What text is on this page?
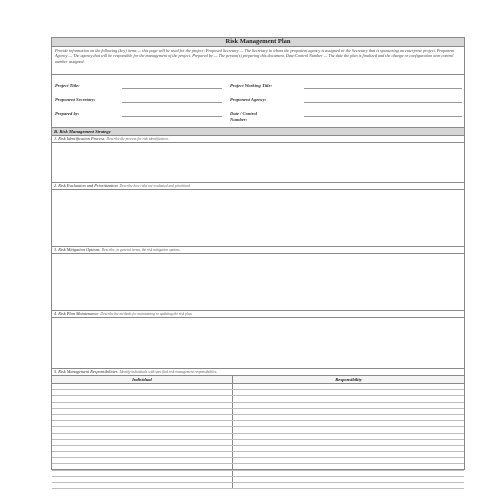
Risk Management Plan
Provide information on the following (key) items — this page will be used for the project; Proposed Secretary — The Secretary to whom the proponent agency is assigned or the Secretary that is sponsoring an enterprise project. Proponent Agency — The agency that will be responsible for the management of the project. Prepared by — The person(s) preparing this document. Date/Control Number — The date the plan is finalized and the change or configuration item control number assigned.
Project Title:	Project Working Title:
Proponent Secretary:	Proponent Agency:
Prepared by:	Date / Control Number:
B. Risk Management Strategy
1. Risk Identification Process Describe the process for risk identification.
2. Risk Evaluation and Prioritization Describe how risks are evaluated and prioritized.
3. Risk Mitigation Options Describe, in general terms, the risk mitigation options.
4. Risk Plan Maintenance Describe the methods for maintaining or updating the risk plan.
5. Risk Management Responsibilities Identify individuals with specified risk management responsibilities.
Individual	Responsibility
